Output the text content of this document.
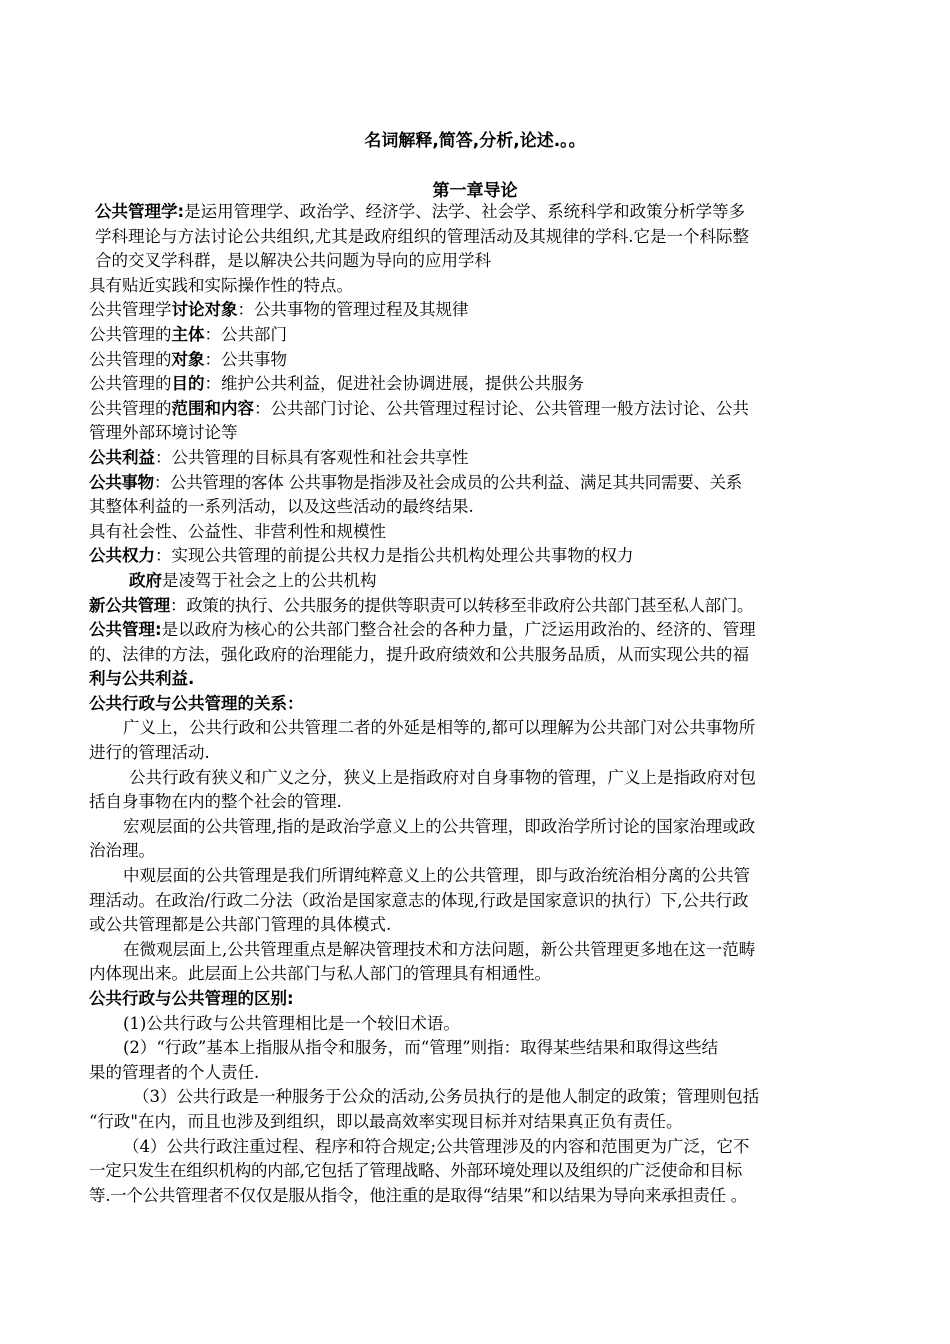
名词解释,简答,分析,论述.。。
第一章导论
公共管理学:是运用管理学、政治学、经济学、法学、社会学、系统科学和政策分析学等多
学科理论与方法讨论公共组织,尤其是政府组织的管理活动及其规律的学科.它是一个科际整
合的交叉学科群，是以解决公共问题为导向的应用学科
具有贴近实践和实际操作性的特点。
公共管理学讨论对象：公共事物的管理过程及其规律
公共管理的主体：公共部门
公共管理的对象：公共事物
公共管理的目的：维护公共利益，促进社会协调进展，提供公共服务
公共管理的范围和内容：公共部门讨论、公共管理过程讨论、公共管理一般方法讨论、公共
管理外部环境讨论等
公共利益：公共管理的目标具有客观性和社会共享性
公共事物：公共管理的客体 公共事物是指涉及社会成员的公共利益、满足其共同需要、关系
其整体利益的一系列活动，以及这些活动的最终结果.
具有社会性、公益性、非营利性和规模性
公共权力：实现公共管理的前提公共权力是指公共机构处理公共事物的权力
政府是凌驾于社会之上的公共机构
新公共管理：政策的执行、公共服务的提供等职责可以转移至非政府公共部门甚至私人部门。
公共管理:是以政府为核心的公共部门整合社会的各种力量，广泛运用政治的、经济的、管理
的、法律的方法，强化政府的治理能力，提升政府绩效和公共服务品质，从而实现公共的福
利与公共利益.
公共行政与公共管理的关系：
广义上，公共行政和公共管理二者的外延是相等的,都可以理解为公共部门对公共事物所
进行的管理活动.
公共行政有狭义和广义之分，狭义上是指政府对自身事物的管理，广义上是指政府对包
括自身事物在内的整个社会的管理.
宏观层面的公共管理,指的是政治学意义上的公共管理，即政治学所讨论的国家治理或政
治治理。
中观层面的公共管理是我们所谓纯粹意义上的公共管理，即与政治统治相分离的公共管
理活动。在政治/行政二分法（政治是国家意志的体现,行政是国家意识的执行）下,公共行政
或公共管理都是公共部门管理的具体模式.
在微观层面上,公共管理重点是解决管理技术和方法问题，新公共管理更多地在这一范畴
内体现出来。此层面上公共部门与私人部门的管理具有相通性。
公共行政与公共管理的区别:
(1)公共行政与公共管理相比是一个较旧术语。
(2）“行政”基本上指服从指令和服务，而“管理”则指：取得某些结果和取得这些结
果的管理者的个人责任.
（3）公共行政是一种服务于公众的活动,公务员执行的是他人制定的政策；管理则包括
“行政"在内，而且也涉及到组织，即以最高效率实现目标并对结果真正负有责任。
（4）公共行政注重过程、程序和符合规定;公共管理涉及的内容和范围更为广泛，它不
一定只发生在组织机构的内部,它包括了管理战略、外部环境处理以及组织的广泛使命和目标
等.一个公共管理者不仅仅是服从指令，他注重的是取得“结果”和以结果为导向来承担责任 。
